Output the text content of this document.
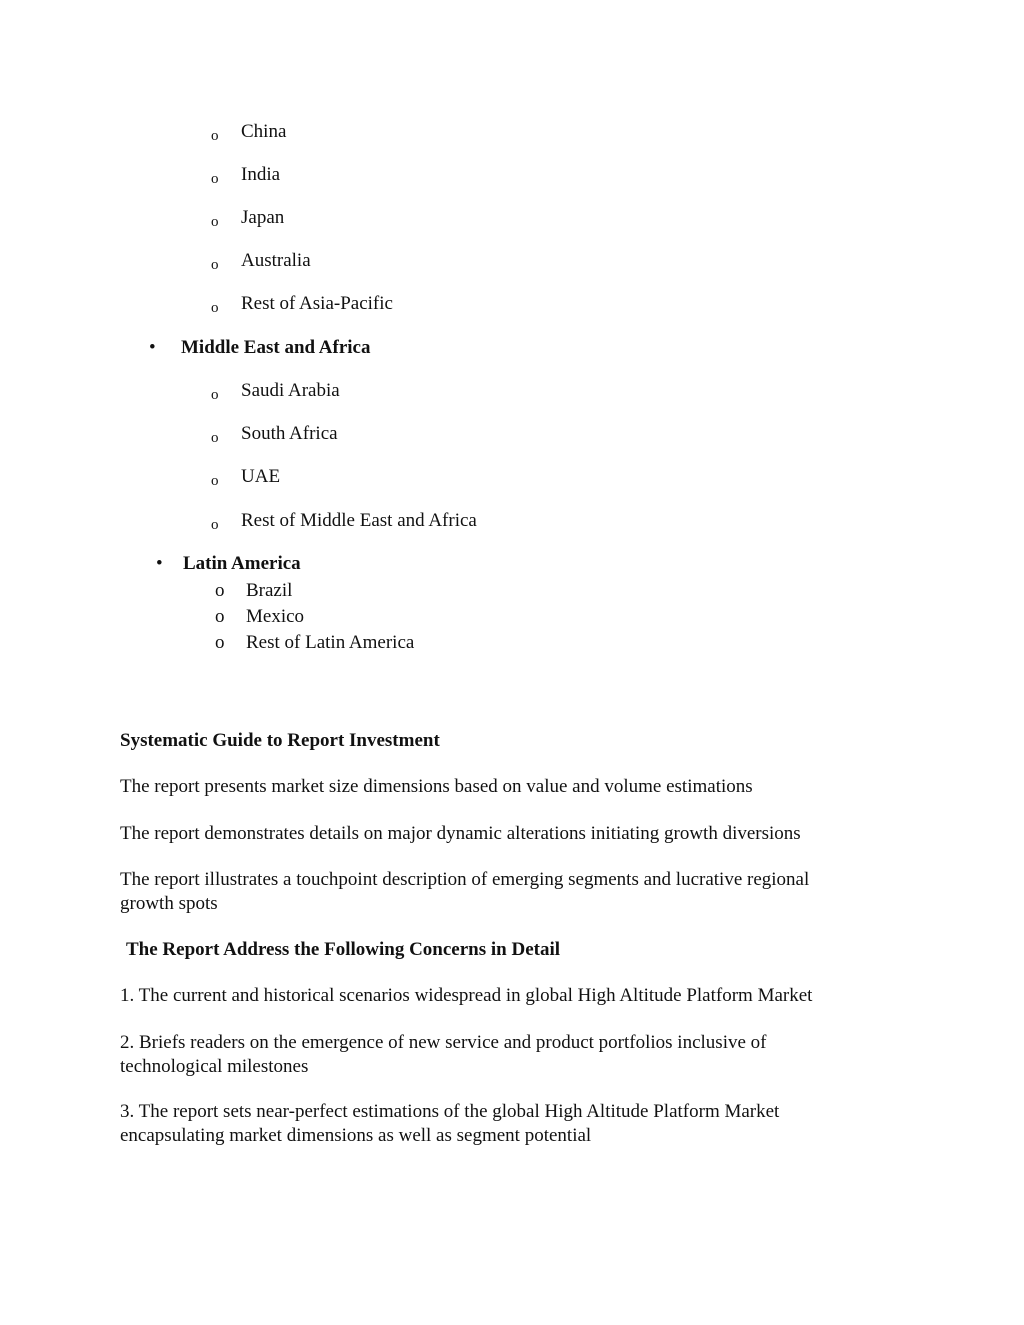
o China
o India
o Japan
o Australia
o Rest of Asia-Pacific
• Middle East and Africa
o Saudi Arabia
o South Africa
o UAE
o Rest of Middle East and Africa
• Latin America
o Brazil
o Mexico
o Rest of Latin America
Systematic Guide to Report Investment
The report presents market size dimensions based on value and volume estimations
The report demonstrates details on major dynamic alterations initiating growth diversions
The report illustrates a touchpoint description of emerging segments and lucrative regional growth spots
The Report Address the Following Concerns in Detail
1. The current and historical scenarios widespread in global High Altitude Platform Market
2. Briefs readers on the emergence of new service and product portfolios inclusive of technological milestones
3. The report sets near-perfect estimations of the global High Altitude Platform Market encapsulating market dimensions as well as segment potential
